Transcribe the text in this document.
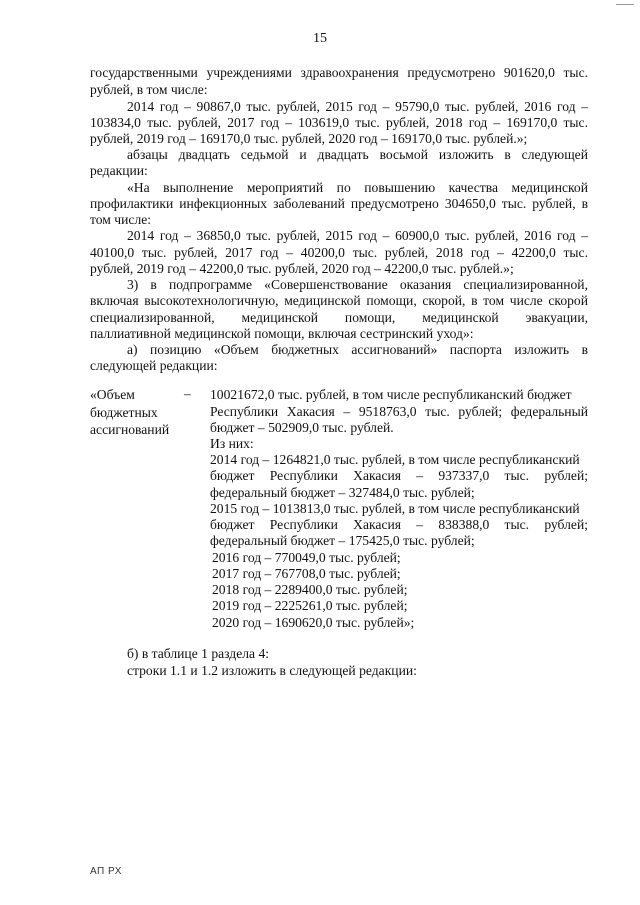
15
государственными учреждениями здравоохранения предусмотрено 901620,0 тыс.
рублей, в том числе:
2014 год – 90867,0 тыс. рублей, 2015 год – 95790,0 тыс. рублей, 2016 год –
103834,0 тыс. рублей, 2017 год – 103619,0 тыс. рублей, 2018 год – 169170,0 тыс.
рублей, 2019 год – 169170,0 тыс. рублей, 2020 год – 169170,0 тыс. рублей.»;
абзацы двадцать седьмой и двадцать восьмой изложить в следующей
редакции:
«На выполнение мероприятий по повышению качества медицинской
профилактики инфекционных заболеваний предусмотрено 304650,0 тыс. рублей, в
том числе:
2014 год – 36850,0 тыс. рублей, 2015 год – 60900,0 тыс. рублей, 2016 год –
40100,0 тыс. рублей, 2017 год – 40200,0 тыс. рублей, 2018 год – 42200,0 тыс.
рублей, 2019 год – 42200,0 тыс. рублей, 2020 год – 42200,0 тыс. рублей.»;
3) в подпрограмме «Совершенствование оказания специализированной,
включая высокотехнологичную, медицинской помощи, скорой, в том числе скорой
специализированной, медицинской помощи, медицинской эвакуации,
паллиативной медицинской помощи, включая сестринский уход»:
а) позицию «Объем бюджетных ассигнований» паспорта изложить в
следующей редакции:
«Объем
бюджетных
ассигнований
– 10021672,0 тыс. рублей, в том числе республиканский бюджет
Республики Хакасия – 9518763,0 тыс. рублей; федеральный
бюджет – 502909,0 тыс. рублей.
Из них:
2014 год – 1264821,0 тыс. рублей, в том числе республиканский
бюджет Республики Хакасия – 937337,0 тыс. рублей;
федеральный бюджет – 327484,0 тыс. рублей;
2015 год – 1013813,0 тыс. рублей, в том числе республиканский
бюджет Республики Хакасия – 838388,0 тыс. рублей;
федеральный бюджет – 175425,0 тыс. рублей;
2016 год – 770049,0 тыс. рублей;
2017 год – 767708,0 тыс. рублей;
2018 год – 2289400,0 тыс. рублей;
2019 год – 2225261,0 тыс. рублей;
2020 год – 1690620,0 тыс. рублей»;
б) в таблице 1 раздела 4:
строки 1.1 и 1.2 изложить в следующей редакции:
АП РХ
